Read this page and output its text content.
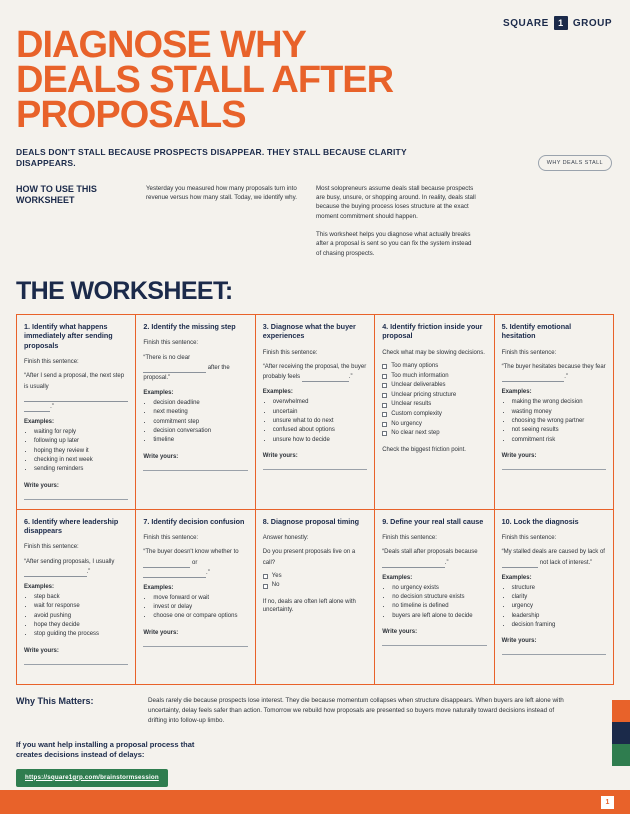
SQUARE	1 GROUP
DIAGNOSE WHY DEALS STALL AFTER PROPOSALS
DEALS DON'T STALL BECAUSE PROSPECTS DISAPPEAR. THEY STALL BECAUSE CLARITY DISAPPEARS.	WHY DEALS STALL
HOW TO USE THIS WORKSHEET

Yesterday you measured how many proposals turn into revenue versus how many stall. Today, we identify why.

Most solopreneurs assume deals stall because prospects are busy, unsure, or shopping around. In reality, deals stall because the buying process loses structure at the exact moment commitment should happen.

This worksheet helps you diagnose what actually breaks after a proposal is sent so you can fix the system instead of chasing prospects.

THE WORKSHEET:
1. Identify what happens immediately after sending proposals

Finish this sentence:

“After I send a proposal, the next step is usually  .”

Examples:
• waiting for reply
• following up later
• hoping they review it
• checking in next week
• sending reminders
Write yours:
2. Identify the missing step

Finish this sentence:

“There is no clear  after the proposal.”

Examples:
• decision deadline
• next meeting
• commitment step
• decision conversation
• timeline
Write yours:
3. Diagnose what the buyer experiences

Finish this sentence:

“After receiving the proposal, the buyer probably feels	.”

Examples:
• overwhelmed
• uncertain
• unsure what to do next
• confused about options
• unsure how to decide
Write yours:
4. Identify friction inside your proposal

Check what may be slowing decisions.

Too many options
Too much information
Unclear deliverables
Unclear pricing structure
Unclear results
Custom complexity
No urgency
No clear next step
Check the biggest friction point.
5. Identify emotional hesitation

Finish this sentence:

“The buyer hesitates because they fear .”

Examples:
• making the wrong decision
• wasting money
• choosing the wrong partner
• not seeing results
• commitment risk
Write yours:
6. Identify where leadership disappears

Finish this sentence:

“After sending proposals, I usually .”

Examples:
• step back
• wait for response
• avoid pushing
• hope they decide
• stop guiding the process
Write yours:
7. Identify decision confusion

Finish this sentence:

“The buyer doesn't know whether to  or .”

Examples:
• move forward or wait
• invest or delay
• choose one or compare options
Write yours:
8. Diagnose proposal timing

Answer honestly:

Do you present proposals live on a call?

Yes
No
If no, deals are often left alone with uncertainty.
9. Define your real stall cause

Finish this sentence:

“Deals stall after proposals because .”

Examples:
• no urgency exists
• no decision structure exists
• no timeline is defined
• buyers are left alone to decide
Write yours:
10. Lock the diagnosis

Finish this sentence:

“My stalled deals are caused by lack of  not lack of interest.”

Examples:
• structure
• clarity
• urgency
• leadership
• decision framing
Write yours:
Why This Matters:	Deals rarely die because prospects lose interest. They die because momentum collapses when structure disappears. When buyers are left alone with uncertainty, delay feels safer than action. Tomorrow we rebuild how proposals are presented so buyers move naturally toward decisions instead of drifting into follow-up limbo.

If you want help installing a proposal process that
creates decisions instead of delays:
https://square1grp.com/brainstormsession
1
